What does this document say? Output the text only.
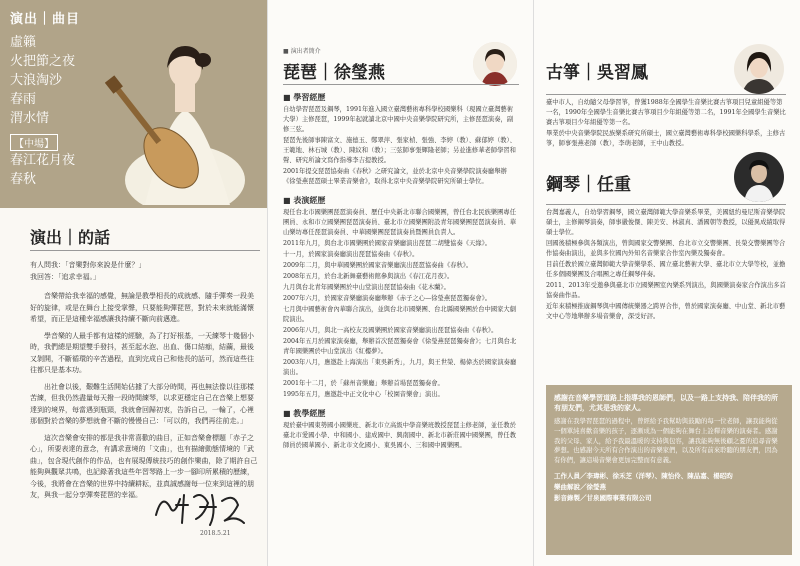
演出｜曲目
虛籟
火把節之夜
大浪淘沙
春雨
渭水情
【中場】
春江花月夜
春秋
演出｜的話

有人問我：「音樂對你來說是什麼？」

我回答：「追求幸福。」

音樂帶給我幸福的感覺，無論是教學相長的成就感、隨手彈奏一段美好的旋律，或是在舞台上接受掌聲，只要能夠彈琵琶，對於未來就能滿懷希望，而正是這種幸福感讓我持續不斷向前邁進。

學音樂的人最手都有這樣的經驗，為了打好根基，一天練琴十幾個小時，我們總是期望雙手發抖，甚至起水泡、出血、傷口結痂，結繭，最後又剝開，不斷循環的辛苦過程，直到完成自己和他長的話可，然而這些往往都只是基本功。

出社會以後，艱難生活開始佔據了大部分時間，再也無法像以往那樣苦練，但我仍然盡量每天撥一段時間練琴，以求更穩定自己在音樂上想要達到的境界，每當遇到瓶頸，我就會回歸初衷，告訴自己，一輪了，心裡那個對於音樂的夢想就會不斷的慢慢自己：「可以的，我們再往前走。」

這次音樂會安排的都是我非常喜歡的曲目，正如音樂會標題「赤子之心」，所要表達的意念，有講求意境的「文曲」，也有描繪動態情境的「武曲」，包含現代創作的作品，也有展現傳統技巧的創作樂曲，除了期許自己能夠與觀眾共鳴，也記錄著我這些年習琴路上一步一腳印所累積的歷練，今後，我將會在音樂的世界中持續耕耘，並真誠感謝每一位來到這裡的朋友，與我一起分享彈奏琵琶的幸福。

2018.5.21
■ 演出者簡介
琵琶｜徐瑩燕
■ 學習經歷

自幼學習琵琶及鋼琴，1991年進入國立臺灣藝術專科學校國樂科（現國立臺灣藝術大學）主修琵琶，1999年起就讀北京中國中央音樂學院研究所，主修琵琶演奏，副修三弦。

琵琶先後師事陳富文、施德玉、鄭翠萍、張家楨、張強、李婷（教）、蘇郁婷（教）、王範地、林石城（教）、陳紋和（教）；三弦師事張輝隆老師；另並進修華老師學習和聲、研究所論文寫作指導李吉提教授。

2001年提交琵琶協奏曲《春秋》之研究論文，並於北京中央音樂學院演奏廳舉辦《徐瑩燕琵琶碩士畢業音樂會》，取得北京中央音樂學院研究所碩士學位。

■ 表演經歷

現任台北市國樂團琵琶演奏員、歷任中央新北市聯合國樂團，曾任台北民族樂團專任團員、永和市立國樂團琵琶演奏員、臺北市立國樂團附設青年國樂團琵琶演奏員、華山樂坊專任琵琶演奏員、中華國樂團琵琶演奏員暨團員負責人。

2011年九月，與台北市國樂團於國家音樂廳演出琵琶二胡雙協奏《天緣》。

十一月，於國家演奏廳演出琵琶協奏曲《春秋》。

2009年二月，與中華國樂團於國家音樂廳演出琵琶協奏曲《春秋》。

2008年五月，於台北新舞臺藝術館參與演出《春江花月夜》。

九月與台北青年國樂團於中山堂演出琵琶協奏曲《花木蘭》。

2007年六月，於國家音樂廳演奏廳舉辦《赤子之心—徐瑩燕琵琶獨奏會》。

七月與中國藝術會內華聯合演出，並與台北市國樂團、台北縣國樂團於台中國家大劇院演出。

2006年八月，與北一高校友及國樂團於國家音樂廳演出琵琶協奏曲《春秋》。

2004年五月於國家演奏廳，舉辦首次琵琶獨奏會《徐瑩燕琵琶獨奏會》；七月與台北青年國樂團於中山堂演出《紅樓夢》。

2003年八月，應邀赴上海演出「東吳新秀」，九月，與王世榮、楊偉杰於國家演奏廳演出。

2001年十二月，於「蘇州音樂廳」舉辦首場琵琶獨奏會。

1995年五月，應邀赴中正文化中心「校園音樂會」演出。

■ 教學經歷

現於臺中國東勢國小國樂班、新北市立高級中學音樂班教授琵琶主修老師，並任教於臺北市愛國小學、中和國小、建成國中、興南國中、新北市新莊國中國樂團，曾任教師員於國華國小、新北市文化國小、東吳國小、三和國中國樂團。

古箏｜吳習鳳

臺中市人，自幼隨父母學習箏，曾獲1988年全國學生音樂比賽古箏項目兒童組優等第一名，1990年全國學生音樂比賽古箏項目少年組優等第二名，1991年全國學生音樂比賽古箏項目少年組優等第一名。

畢業於中央音樂學院民族樂系研究所碩士，國立臺灣藝術專科學校國樂科學系，主修古箏，師事張燕老師（教），李萌老師，王中山教授。

鋼琴｜任重

台灣嘉義人，自幼學習鋼琴，國立臺灣師範大學音樂系畢業，美國紐約曼尼斯音樂學院碩士，主修鋼琴演奏，師事嚴俊傑、陳美安、林淑真、潘國朝等教授，以優異成績取得碩士學位。

回國後積極參與各類演出，曾與國家交響樂團、台北市立交響樂團、長榮交響樂團等合作協奏曲演出，並與多位國內外知名音樂家合作室內樂及獨奏會。

目前任教於國立臺灣師範大學音樂學系、國立臺北藝術大學、臺北市立大學等校，並擔任多個國樂團及合唱團之專任鋼琴伴奏。

2011、2013年受邀參與臺北市立國樂團室內樂系列演出，與國樂演奏家合作演出多首協奏曲作品。

近年來積極推廣鋼琴與中國傳統樂器之跨界合作，曾於國家演奏廳、中山堂、新北市藝文中心等地舉辦多場音樂會，深受好評。

感謝在音樂學習道路上指導我的恩師們，以及一路上支持我、陪伴我的所有朋友們，尤其是我的家人。
感謝在我學習琵琶的過程中，曾經給予我幫助與鼓勵的每一位老師，讓我能夠從一個單純喜歡音樂的孩子，逐漸成為一個能夠在舞台上詮釋音樂的演奏者。感謝我的父母、家人，給予我最溫暖的支持與包容，讓我能夠無後顧之憂的追尋音樂夢想。也感謝今天所有合作演出的音樂家們，以及所有前來聆聽的朋友們，因為有你們，讓這場音樂會更加完整而有意義。
工作人員／李瑋彬、徐禾芝（洋琴）、陳怡伶、陳品嘉、楊昭昀
樂曲解說／徐瑩燕
影音錄製／甘泉國際事業有限公司
